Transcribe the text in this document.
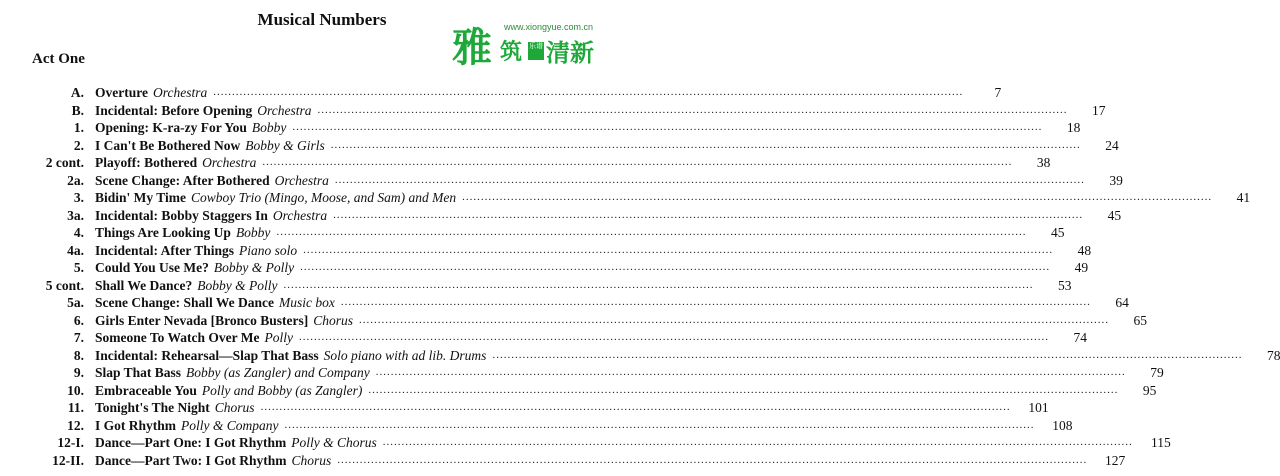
Musical Numbers
Act One	雅 www.xiongyue.com.cn
筑 乐谱 清新
A. Overture Orchestra ........................................................................................................................................................................................................	7
B. Incidental: Before Opening Orchestra ........................................................................................................................................................................................................	17
1. Opening: K-ra-zy For You Bobby ........................................................................................................................................................................................................	18
2. I Can't Be Bothered Now Bobby & Girls ........................................................................................................................................................................................................	24
2 cont. Playoff: Bothered Orchestra ........................................................................................................................................................................................................	38
2a. Scene Change: After Bothered Orchestra ........................................................................................................................................................................................................	39
3. Bidin' My Time Cowboy Trio (Mingo, Moose, and Sam) and Men ........................................................................................................................................................................................................	41
3a. Incidental: Bobby Staggers In Orchestra ........................................................................................................................................................................................................	45
4. Things Are Looking Up Bobby ........................................................................................................................................................................................................	45
4a. Incidental: After Things Piano solo ........................................................................................................................................................................................................	48
5. Could You Use Me? Bobby & Polly ........................................................................................................................................................................................................	49
5 cont. Shall We Dance? Bobby & Polly ........................................................................................................................................................................................................	53
5a. Scene Change: Shall We Dance Music box ........................................................................................................................................................................................................	64
6. Girls Enter Nevada [Bronco Busters] Chorus ........................................................................................................................................................................................................	65
7. Someone To Watch Over Me Polly ........................................................................................................................................................................................................	74
8. Incidental: Rehearsal—Slap That Bass Solo piano with ad lib. Drums ........................................................................................................................................................................................................	78
9. Slap That Bass Bobby (as Zangler) and Company ........................................................................................................................................................................................................	79
10. Embraceable You Polly and Bobby (as Zangler) ........................................................................................................................................................................................................	95
11. Tonight's The Night Chorus ........................................................................................................................................................................................................	101
12. I Got Rhythm Polly & Company ........................................................................................................................................................................................................	108
12-I. Dance—Part One: I Got Rhythm Polly & Chorus ........................................................................................................................................................................................................	115
12-II. Dance—Part Two: I Got Rhythm Chorus ........................................................................................................................................................................................................	127
